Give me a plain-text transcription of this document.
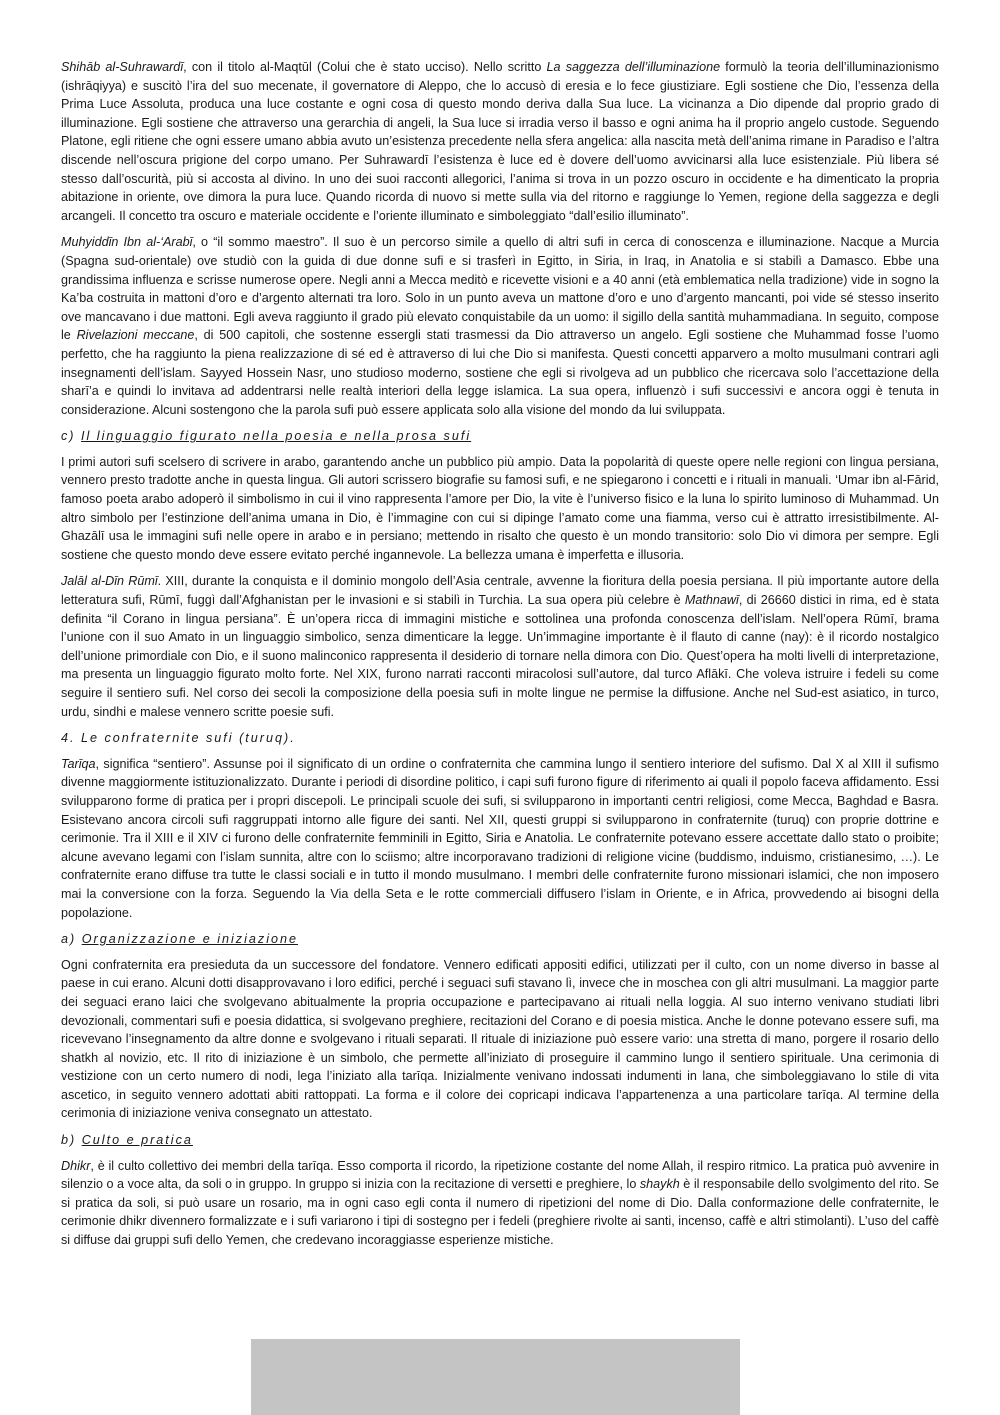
Shihāb al-Suhrawardī, con il titolo al-Maqtūl (Colui che è stato ucciso). Nello scritto La saggezza dell’illuminazione formulò la teoria dell’illuminazionismo (ishrāqiyya) e suscitò l’ira del suo mecenate, il governatore di Aleppo, che lo accusò di eresia e lo fece giustiziare. Egli sostiene che Dio, l’essenza della Prima Luce Assoluta, produca una luce costante e ogni cosa di questo mondo deriva dalla Sua luce. La vicinanza a Dio dipende dal proprio grado di illuminazione. Egli sostiene che attraverso una gerarchia di angeli, la Sua luce si irradia verso il basso e ogni anima ha il proprio angelo custode. Seguendo Platone, egli ritiene che ogni essere umano abbia avuto un’esistenza precedente nella sfera angelica: alla nascita metà dell’anima rimane in Paradiso e l’altra discende nell’oscura prigione del corpo umano. Per Suhrawardī l’esistenza è luce ed è dovere dell’uomo avvicinarsi alla luce esistenziale. Più libera sé stesso dall’oscurità, più si accosta al divino. In uno dei suoi racconti allegorici, l’anima si trova in un pozzo oscuro in occidente e ha dimenticato la propria abitazione in oriente, ove dimora la pura luce. Quando ricorda di nuovo si mette sulla via del ritorno e raggiunge lo Yemen, regione della saggezza e degli arcangeli. Il concetto tra oscuro e materiale occidente e l’oriente illuminato e simboleggiato “dall’esilio illuminato”.

Muhyiddīn Ibn al-‘Arabī, o “il sommo maestro”. Il suo è un percorso simile a quello di altri sufi in cerca di conoscenza e illuminazione. Nacque a Murcia (Spagna sud-orientale) ove studiò con la guida di due donne sufi e si trasferì in Egitto, in Siria, in Iraq, in Anatolia e si stabilì a Damasco. Ebbe una grandissima influenza e scrisse numerose opere. Negli anni a Mecca meditò e ricevette visioni e a 40 anni (età emblematica nella tradizione) vide in sogno la Ka’ba costruita in mattoni d’oro e d’argento alternati tra loro. Solo in un punto aveva un mattone d’oro e uno d’argento mancanti, poi vide sé stesso inserito ove mancavano i due mattoni. Egli aveva raggiunto il grado più elevato conquistabile da un uomo: il sigillo della santità muhammadiana. In seguito, compose le Rivelazioni meccane, di 500 capitoli, che sostenne essergli stati trasmessi da Dio attraverso un angelo. Egli sostiene che Muhammad fosse l’uomo perfetto, che ha raggiunto la piena realizzazione di sé ed è attraverso di lui che Dio si manifesta. Questi concetti apparvero a molto musulmani contrari agli insegnamenti dell’islam. Sayyed Hossein Nasr, uno studioso moderno, sostiene che egli si rivolgeva ad un pubblico che ricercava solo l’accettazione della sharī’a e quindi lo invitava ad addentrarsi nelle realtà interiori della legge islamica. La sua opera, influenzò i sufi successivi e ancora oggi è tenuta in considerazione. Alcuni sostengono che la parola sufi può essere applicata solo alla visione del mondo da lui sviluppata.

c) Il linguaggio figurato nella poesia e nella prosa sufi

I primi autori sufi scelsero di scrivere in arabo, garantendo anche un pubblico più ampio. Data la popolarità di queste opere nelle regioni con lingua persiana, vennero presto tradotte anche in questa lingua. Gli autori scrissero biografie su famosi sufi, e ne spiegarono i concetti e i rituali in manuali. ‘Umar ibn al-Fārid, famoso poeta arabo adoperò il simbolismo in cui il vino rappresenta l’amore per Dio, la vite è l’universo fisico e la luna lo spirito luminoso di Muhammad. Un altro simbolo per l’estinzione dell’anima umana in Dio, è l’immagine con cui si dipinge l’amato come una fiamma, verso cui è attratto irresistibilmente. Al-Ghazālī usa le immagini sufi nelle opere in arabo e in persiano; mettendo in risalto che questo è un mondo transitorio: solo Dio vi dimora per sempre. Egli sostiene che questo mondo deve essere evitato perché ingannevole. La bellezza umana è imperfetta e illusoria.

Jalāl al-Dīn Rūmī. XIII, durante la conquista e il dominio mongolo dell’Asia centrale, avvenne la fioritura della poesia persiana. Il più importante autore della letteratura sufi, Rūmī, fuggì dall’Afghanistan per le invasioni e si stabilì in Turchia. La sua opera più celebre è Mathnawī, di 26660 distici in rima, ed è stata definita “il Corano in lingua persiana”. È un’opera ricca di immagini mistiche e sottolinea una profonda conoscenza dell’islam. Nell’opera Rūmī, brama l’unione con il suo Amato in un linguaggio simbolico, senza dimenticare la legge. Un’immagine importante è il flauto di canne (nay): è il ricordo nostalgico dell’unione primordiale con Dio, e il suono malinconico rappresenta il desiderio di tornare nella dimora con Dio. Quest’opera ha molti livelli di interpretazione, ma presenta un linguaggio figurato molto forte. Nel XIX, furono narrati racconti miracolosi sull’autore, dal turco Aflākī. Che voleva istruire i fedeli su come seguire il sentiero sufi. Nel corso dei secoli la composizione della poesia sufi in molte lingue ne permise la diffusione. Anche nel Sud-est asiatico, in turco, urdu, sindhi e malese vennero scritte poesie sufi.

4. Le confraternite sufi (turuq).

Tarīqa, significa “sentiero”. Assunse poi il significato di un ordine o confraternita che cammina lungo il sentiero interiore del sufismo. Dal X al XIII il sufismo divenne maggiormente istituzionalizzato. Durante i periodi di disordine politico, i capi sufi furono figure di riferimento ai quali il popolo faceva affidamento. Essi svilupparono forme di pratica per i propri discepoli. Le principali scuole dei sufi, si svilupparono in importanti centri religiosi, come Mecca, Baghdad e Basra. Esistevano ancora circoli sufi raggruppati intorno alle figure dei santi. Nel XII, questi gruppi si svilupparono in confraternite (turuq) con proprie dottrine e cerimonie. Tra il XIII e il XIV ci furono delle confraternite femminili in Egitto, Siria e Anatolia. Le confraternite potevano essere accettate dallo stato o proibite; alcune avevano legami con l’islam sunnita, altre con lo sciismo; altre incorporavano tradizioni di religione vicine (buddismo, induismo, cristianesimo, …). Le confraternite erano diffuse tra tutte le classi sociali e in tutto il mondo musulmano. I membri delle confraternite furono missionari islamici, che non imposero mai la conversione con la forza. Seguendo la Via della Seta e le rotte commerciali diffusero l’islam in Oriente, e in Africa, provvedendo ai bisogni della popolazione.

a) Organizzazione e iniziazione

Ogni confraternita era presieduta da un successore del fondatore. Vennero edificati appositi edifici, utilizzati per il culto, con un nome diverso in basse al paese in cui erano. Alcuni dotti disapprovavano i loro edifici, perché i seguaci sufi stavano lì, invece che in moschea con gli altri musulmani. La maggior parte dei seguaci erano laici che svolgevano abitualmente la propria occupazione e partecipavano ai rituali nella loggia. Al suo interno venivano studiati libri devozionali, commentari sufi e poesia didattica, si svolgevano preghiere, recitazioni del Corano e di poesia mistica. Anche le donne potevano essere sufi, ma ricevevano l’insegnamento da altre donne e svolgevano i rituali separati. Il rituale di iniziazione può essere vario: una stretta di mano, porgere il rosario dello shatkh al novizio, etc. Il rito di iniziazione è un simbolo, che permette all’iniziato di proseguire il cammino lungo il sentiero spirituale. Una cerimonia di vestizione con un certo numero di nodi, lega l’iniziato alla tarīqa. Inizialmente venivano indossati indumenti in lana, che simboleggiavano lo stile di vita ascetico, in seguito vennero adottati abiti rattoppati. La forma e il colore dei copricapi indicava l’appartenenza a una particolare tarīqa. Al termine della cerimonia di iniziazione veniva consegnato un attestato.

b) Culto e pratica

Dhikr, è il culto collettivo dei membri della tarīqa. Esso comporta il ricordo, la ripetizione costante del nome Allah, il respiro ritmico. La pratica può avvenire in silenzio o a voce alta, da soli o in gruppo. In gruppo si inizia con la recitazione di versetti e preghiere, lo shaykh è il responsabile dello svolgimento del rito. Se si pratica da soli, si può usare un rosario, ma in ogni caso egli conta il numero di ripetizioni del nome di Dio. Dalla conformazione delle confraternite, le cerimonie dhikr divennero formalizzate e i sufi variarono i tipi di sostegno per i fedeli (preghiere rivolte ai santi, incenso, caffè e altri stimolanti). L’uso del caffè si diffuse dai gruppi sufi dello Yemen, che credevano incoraggiasse esperienze mistiche.
